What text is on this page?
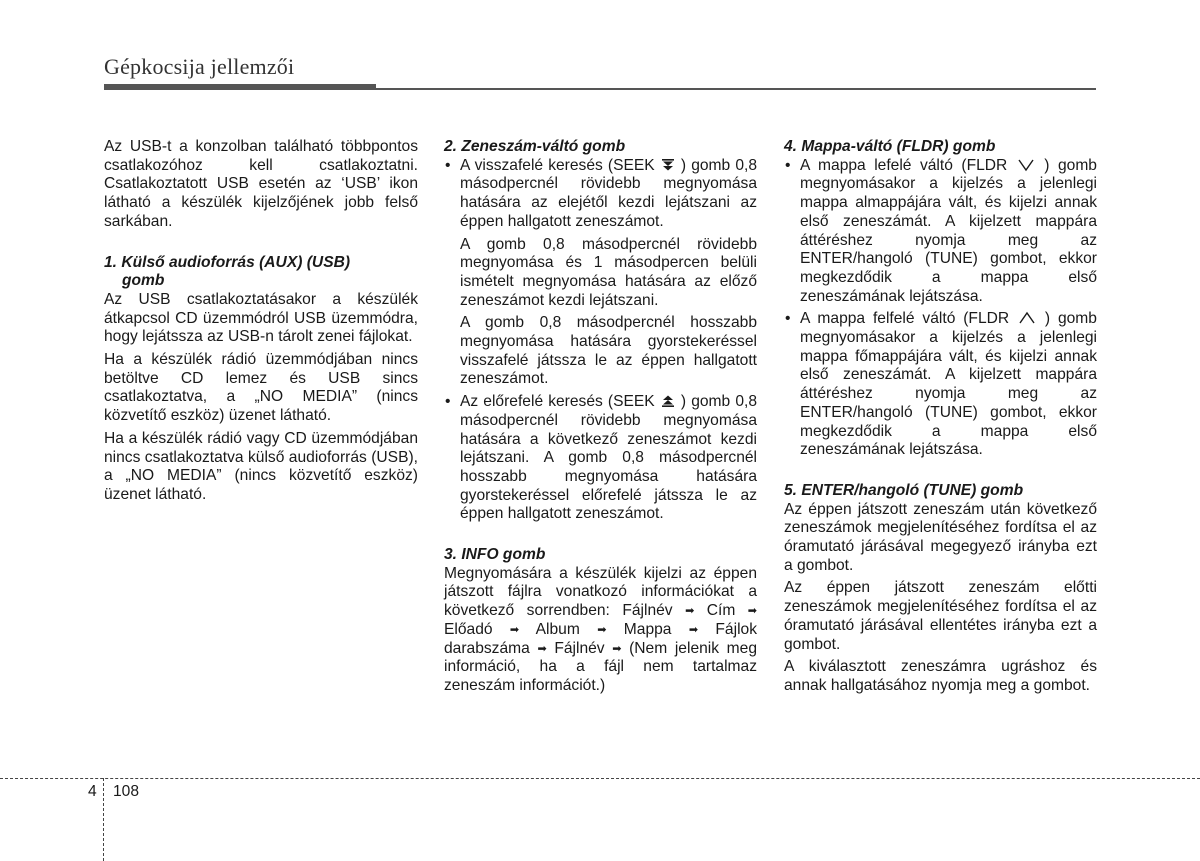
Gépkocsija jellemzői

Az USB-t a konzolban található többpontos csatlakozóhoz kell csatlakoztatni. Csatlakoztatott USB esetén az ‘USB’ ikon látható a készülék kijelzőjének jobb felső sarkában.

1. Külső audioforrás (AUX) (USB)

gomb

Az USB csatlakoztatásakor a készülék átkapcsol CD üzemmódról USB üzemmódra, hogy lejátssza az USB-n tárolt zenei fájlokat.

Ha a készülék rádió üzemmódjában nincs betöltve CD lemez és USB sincs csatlakoztatva, a „NO MEDIA” (nincs közvetítő eszköz) üzenet látható.

Ha a készülék rádió vagy CD üzemmódjában nincs csatlakoztatva külső audioforrás (USB), a „NO MEDIA” (nincs közvetítő eszköz) üzenet látható.

2. Zeneszám-váltó gomb

• A visszafelé keresés (SEEK ) gomb 0,8 másodpercnél rövidebb megnyomása hatására az elejétől kezdi lejátszani az éppen hallgatott zeneszámot.

A gomb 0,8 másodpercnél rövidebb megnyomása és 1 másodpercen belüli ismételt megnyomása hatására az előző zeneszámot kezdi lejátszani.

A gomb 0,8 másodpercnél hosszabb megnyomása hatására gyorstekeréssel visszafelé játssza le az éppen hallgatott zeneszámot.

• Az előrefelé keresés (SEEK ) gomb 0,8 másodpercnél rövidebb megnyomása hatására a következő zeneszámot kezdi lejátszani. A gomb 0,8 másodpercnél hosszabb megnyomása hatására gyorstekeréssel előrefelé játssza le az éppen hallgatott zeneszámot.

3. INFO gomb

Megnyomására a készülék kijelzi az éppen játszott fájlra vonatkozó információkat a következő sorrendben: Fájlnév ➡ Cím ➡ Előadó ➡ Album ➡ Mappa ➡ Fájlok darabszáma ➡ Fájlnév ➡ (Nem jelenik meg információ, ha a fájl nem tartalmaz zeneszám információt.)

4. Mappa-váltó (FLDR) gomb

• A mappa lefelé váltó (FLDR ) gomb megnyomásakor a kijelzés a jelenlegi mappa almappájára vált, és kijelzi annak első zeneszámát. A kijelzett mappára áttéréshez nyomja meg az ENTER/hangoló (TUNE) gombot, ekkor megkezdődik a mappa első zeneszámának lejátszása.
• A mappa felfelé váltó (FLDR ) gomb megnyomásakor a kijelzés a jelenlegi mappa főmappájára vált, és kijelzi annak első zeneszámát. A kijelzett mappára áttéréshez nyomja meg az ENTER/hangoló (TUNE) gombot, ekkor megkezdődik a mappa első zeneszámának lejátszása.

5. ENTER/hangoló (TUNE) gomb

Az éppen játszott zeneszám után következő zeneszámok megjelenítéséhez fordítsa el az óramutató járásával megegyező irányba ezt a gombot.

Az éppen játszott zeneszám előtti zeneszámok megjelenítéséhez fordítsa el az óramutató járásával ellentétes irányba ezt a gombot.

A kiválasztott zeneszámra ugráshoz és annak hallgatásához nyomja meg a gombot.

4 108
